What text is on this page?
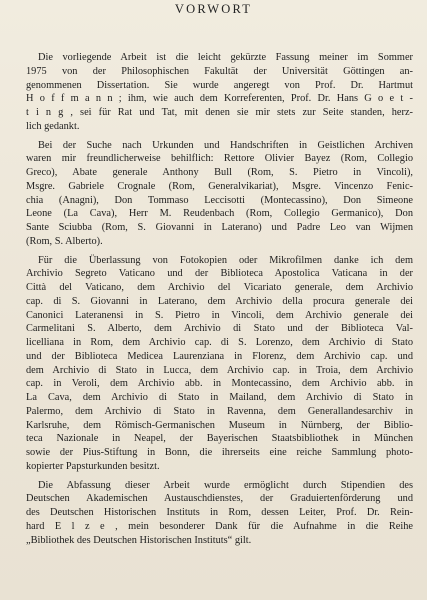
VORWORT

Die vorliegende Arbeit ist die leicht gekürzte Fassung meiner im Sommer
1975 von der Philosophischen Fakultät der Universität Göttingen an-
genommenen Dissertation. Sie wurde angeregt von Prof. Dr. Hartmut
H o f f m a n n ; ihm, wie auch dem Korreferenten, Prof. Dr. Hans G o e t -
t i n g , sei für Rat und Tat, mit denen sie mir stets zur Seite standen, herz-
lich gedankt.

Bei der Suche nach Urkunden und Handschriften in Geistlichen Archiven
waren mir freundlicherweise behilflich: Rettore Olivier Bayez (Rom, Collegio
Greco), Abate generale Anthony Bull (Rom, S. Pietro in Vincoli),
Msgre. Gabriele Crognale (Rom, Generalvikariat), Msgre. Vincenzo Fenic-
chia (Anagni), Don Tommaso Leccisotti (Montecassino), Don Simeone
Leone (La Cava), Herr M. Reudenbach (Rom, Collegio Germanico), Don
Sante Sciubba (Rom, S. Giovanni in Laterano) und Padre Leo van Wijmen
(Rom, S. Alberto).

Für die Überlassung von Fotokopien oder Mikrofilmen danke ich dem
Archivio Segreto Vaticano und der Biblioteca Apostolica Vaticana in der
Città del Vaticano, dem Archivio del Vicariato generale, dem Archivio
cap. di S. Giovanni in Laterano, dem Archivio della procura generale dei
Canonici Lateranensi in S. Pietro in Vincoli, dem Archivio generale dei
Carmelitani S. Alberto, dem Archivio di Stato und der Biblioteca Val-
licelliana in Rom, dem Archivio cap. di S. Lorenzo, dem Archivio di Stato
und der Biblioteca Medicea Laurenziana in Florenz, dem Archivio cap. und
dem Archivio di Stato in Lucca, dem Archivio cap. in Troia, dem Archivio
cap. in Veroli, dem Archivio abb. in Montecassino, dem Archivio abb. in
La Cava, dem Archivio di Stato in Mailand, dem Archivio di Stato in
Palermo, dem Archivio di Stato in Ravenna, dem Generallandesarchiv in
Karlsruhe, dem Römisch-Germanischen Museum in Nürnberg, der Biblio-
teca Nazionale in Neapel, der Bayerischen Staatsbibliothek in München
sowie der Pius-Stiftung in Bonn, die ihrerseits eine reiche Sammlung photo-
kopierter Papsturkunden besitzt.

Die Abfassung dieser Arbeit wurde ermöglicht durch Stipendien des
Deutschen Akademischen Austauschdienstes, der Graduiertenförderung und
des Deutschen Historischen Instituts in Rom, dessen Leiter, Prof. Dr. Rein-
hard E l z e , mein besonderer Dank für die Aufnahme in die Reihe
„Bibliothek des Deutschen Historischen Instituts“ gilt.
